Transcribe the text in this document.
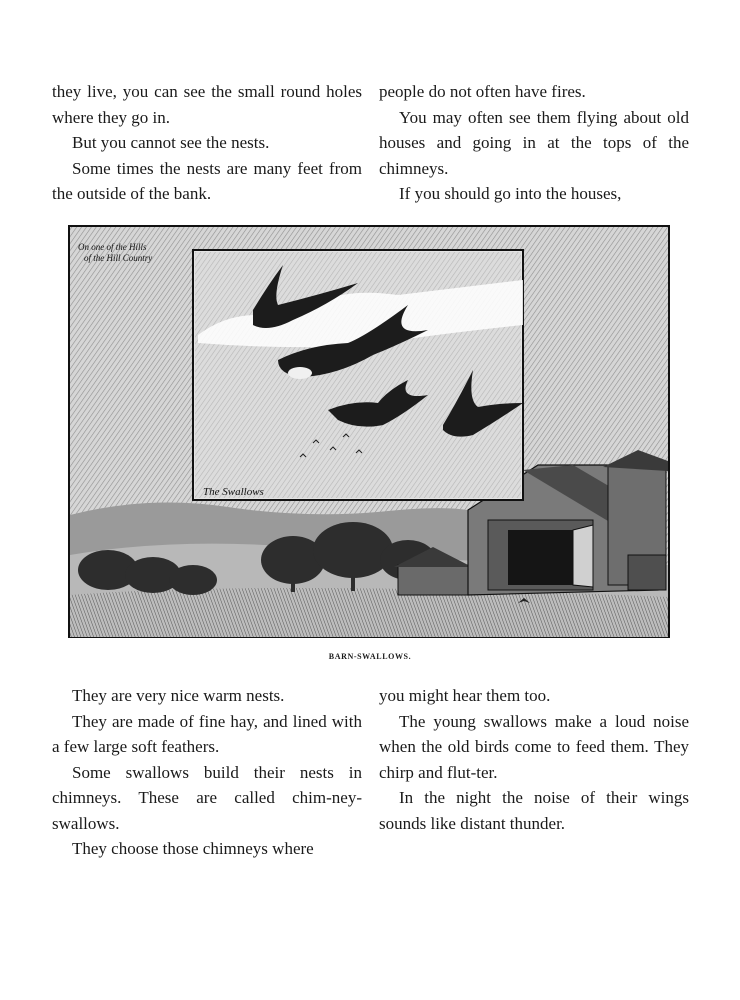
they live, you can see the small round holes where they go in.

But you cannot see the nests.

Some times the nests are many feet from the outside of the bank.

people do not often have fires.

You may often see them flying about old houses and going in at the tops of the chimneys.

If you should go into the houses,

On one of the Hills
of the Hill Country
The Swallows
BARN-SWALLOWS.

They are very nice warm nests.

They are made of fine hay, and lined with a few large soft feathers.

Some swallows build their nests in chimneys. These are called chim-ney-swallows.

They choose those chimneys where

you might hear them too.

The young swallows make a loud noise when the old birds come to feed them. They chirp and flut-ter.

In the night the noise of their wings sounds like distant thunder.
